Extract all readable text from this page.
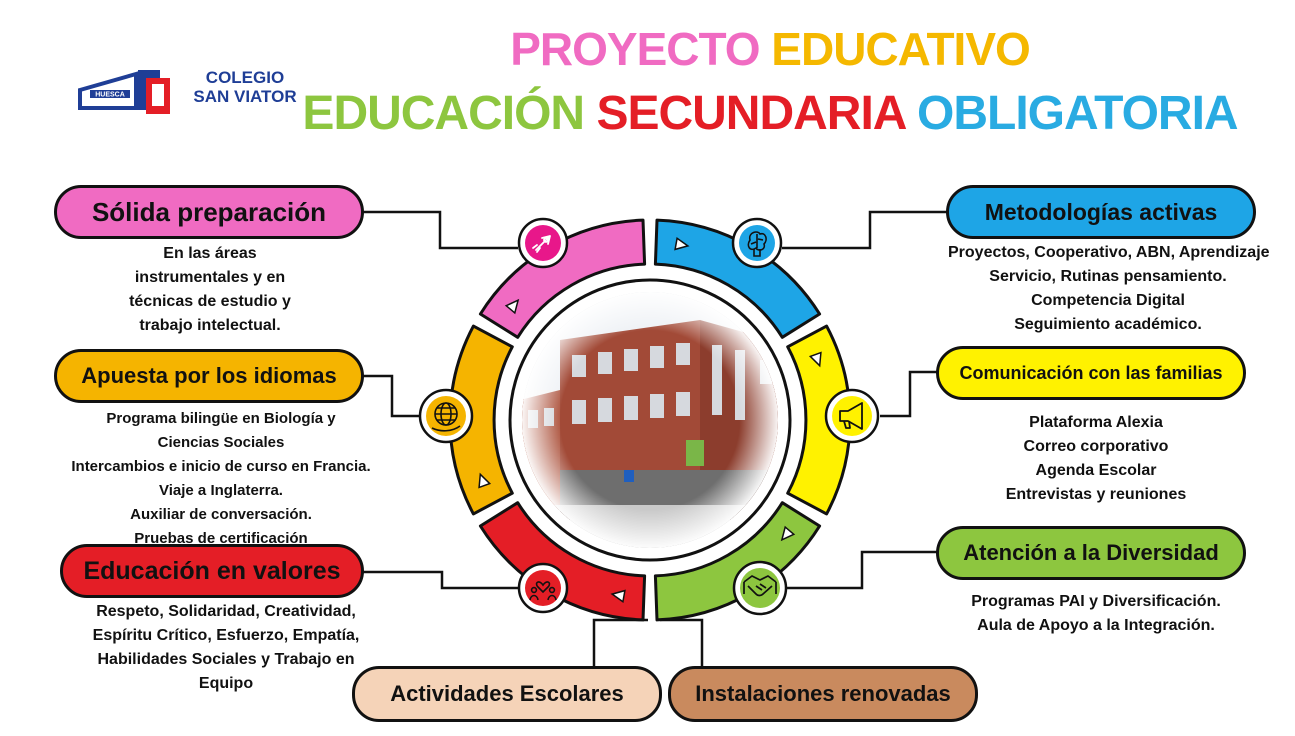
PROYECTO EDUCATIVO
EDUCACIÓN SECUNDARIA OBLIGATORIA
HUESCA
COLEGIO
SAN VIATOR
Sólida preparación
Apuesta por los idiomas
Educación en valores
Metodologías activas
Comunicación con las familias
Atención a la Diversidad
Actividades Escolares	Instalaciones renovadas
En las áreas
instrumentales y en
técnicas de estudio y
trabajo intelectual.
Programa bilingüe en Biología y
Ciencias Sociales
Intercambios e inicio de curso en Francia.
Viaje a Inglaterra.
Auxiliar de conversación.
Pruebas de certificación
Respeto, Solidaridad, Creatividad,
Espíritu Crítico, Esfuerzo, Empatía,
Habilidades Sociales y Trabajo en
Equipo
Proyectos, Cooperativo, ABN, Aprendizaje
Servicio, Rutinas pensamiento.
Competencia Digital
Seguimiento académico.
Plataforma Alexia
Correo corporativo
Agenda Escolar
Entrevistas y reuniones
Programas PAI y Diversificación.
Aula de Apoyo a la Integración.
